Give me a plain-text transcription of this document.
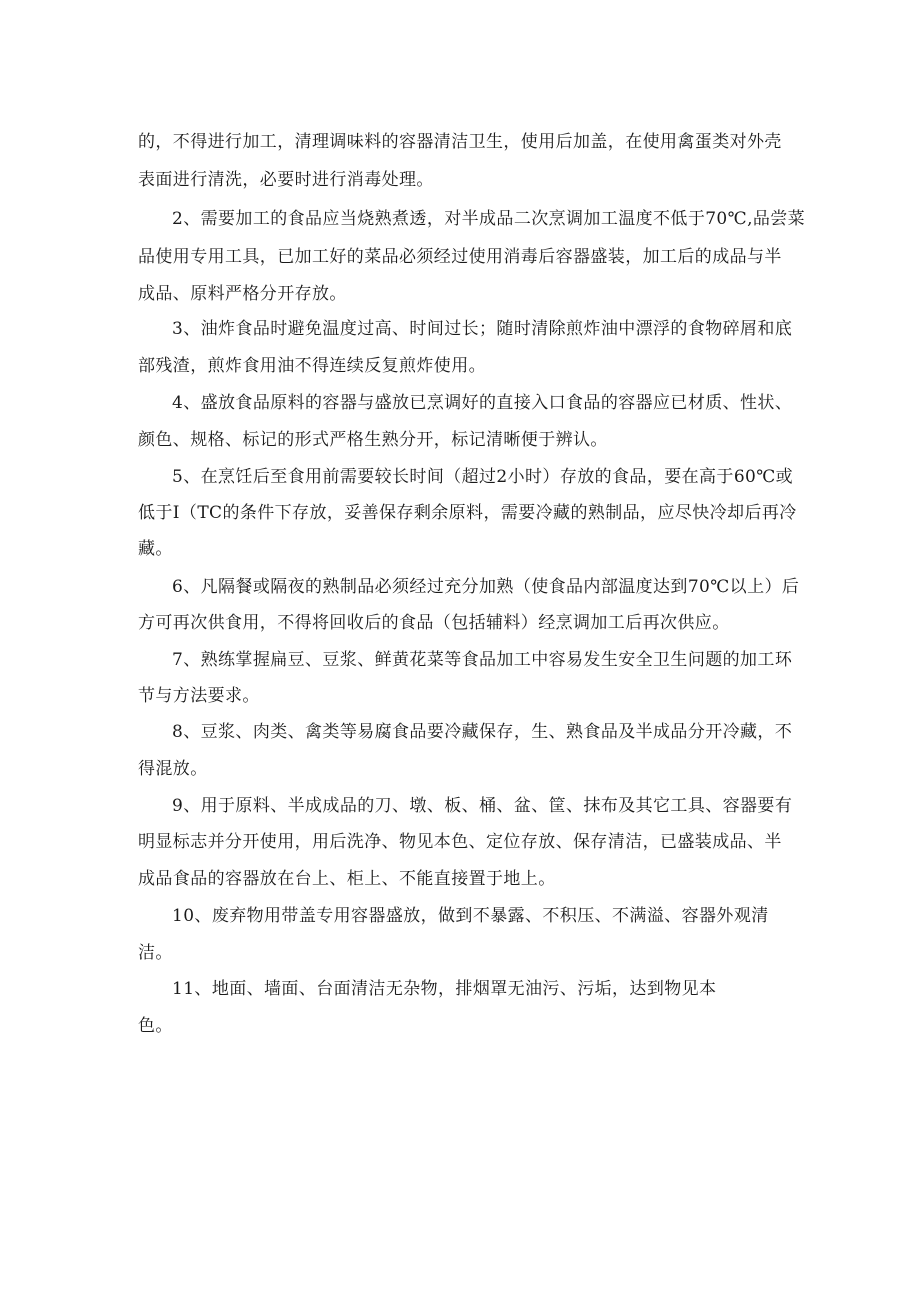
的，不得进行加工，清理调味料的容器清洁卫生，使用后加盖，在使用禽蛋类对外壳
表面进行清洗，必要时进行消毒处理。
2、需要加工的食品应当烧熟煮透，对半成品二次烹调加工温度不低于70℃,品尝菜
品使用专用工具，已加工好的菜品必须经过使用消毒后容器盛装，加工后的成品与半
成品、原料严格分开存放。
3、油炸食品时避免温度过高、时间过长；随时清除煎炸油中漂浮的食物碎屑和底
部残渣，煎炸食用油不得连续反复煎炸使用。
4、盛放食品原料的容器与盛放已烹调好的直接入口食品的容器应已材质、性状、
颜色、规格、标记的形式严格生熟分开，标记清晰便于辨认。
5、在烹饪后至食用前需要较长时间（超过2小时）存放的食品，要在高于60℃或
低于I（TC的条件下存放，妥善保存剩余原料，需要冷藏的熟制品，应尽快冷却后再冷
藏。
6、凡隔餐或隔夜的熟制品必须经过充分加熟（使食品内部温度达到70℃以上）后
方可再次供食用，不得将回收后的食品（包括辅料）经烹调加工后再次供应。
7、熟练掌握扁豆、豆浆、鲜黄花菜等食品加工中容易发生安全卫生问题的加工环
节与方法要求。
8、豆浆、肉类、禽类等易腐食品要冷藏保存，生、熟食品及半成品分开冷藏，不
得混放。
9、用于原料、半成成品的刀、墩、板、桶、盆、筐、抹布及其它工具、容器要有
明显标志并分开使用，用后洗净、物见本色、定位存放、保存清洁，已盛装成品、半
成品食品的容器放在台上、柜上、不能直接置于地上。
10、废弃物用带盖专用容器盛放，做到不暴露、不积压、不满溢、容器外观清
洁。
11、地面、墙面、台面清洁无杂物，排烟罩无油污、污垢，达到物见本
色。
